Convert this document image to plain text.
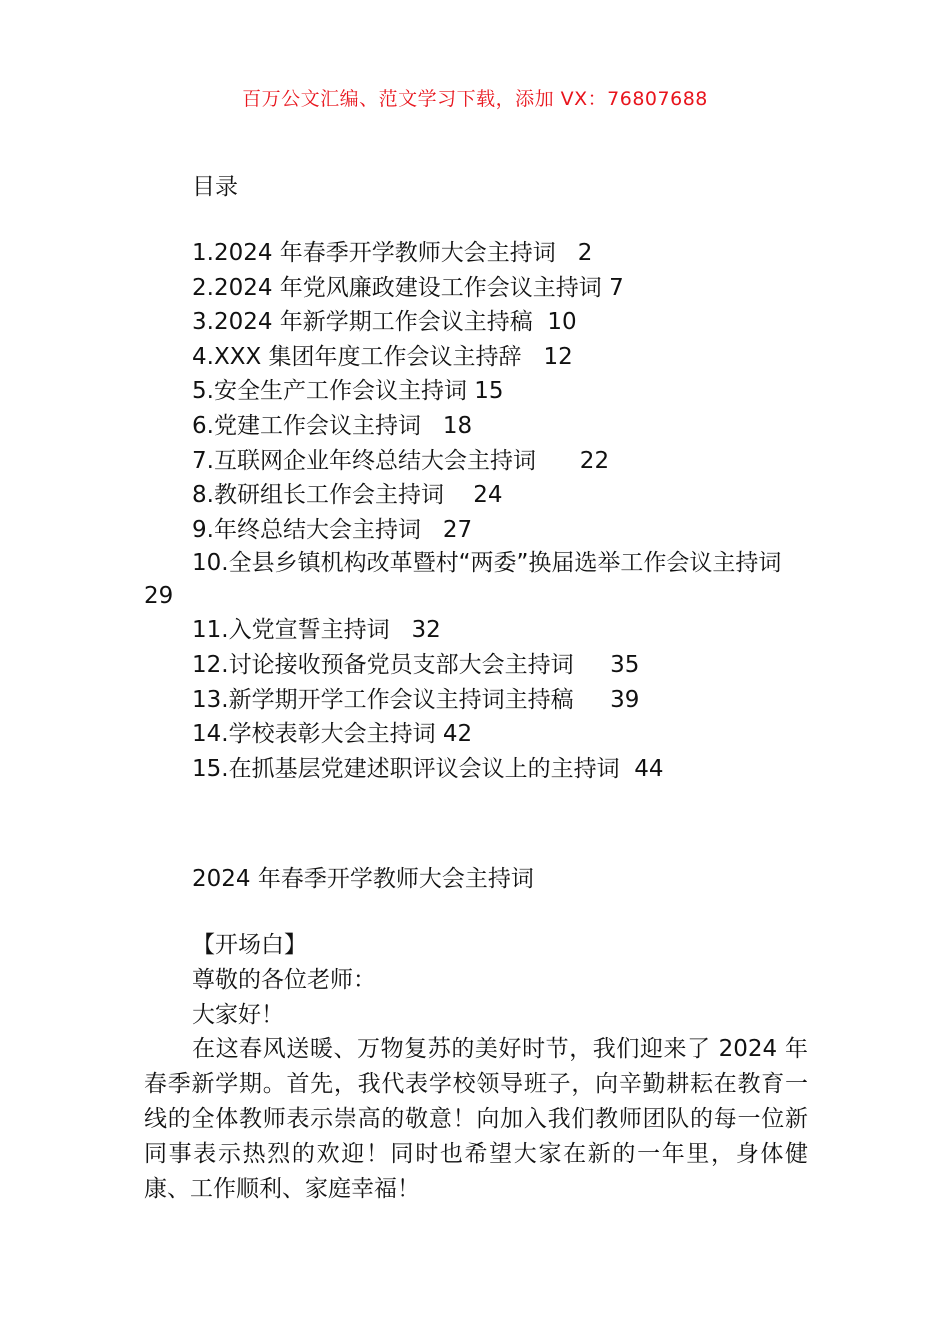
百万公文汇编、范文学习下载，添加 VX：76807688
目录
1.2024 年春季开学教师大会主持词   2
2.2024 年党风廉政建设工作会议主持词 7
3.2024 年新学期工作会议主持稿  10
4.XXX 集团年度工作会议主持辞   12
5.安全生产工作会议主持词 15
6.党建工作会议主持词   18
7.互联网企业年终总结大会主持词      22
8.教研组长工作会主持词    24
9.年终总结大会主持词   27
10.全县乡镇机构改革暨村“两委”换届选举工作会议主持词 29
11.入党宣誓主持词   32
12.讨论接收预备党员支部大会主持词     35
13.新学期开学工作会议主持词主持稿     39
14.学校表彰大会主持词 42
15.在抓基层党建述职评议会议上的主持词  44
2024 年春季开学教师大会主持词
【开场白】
尊敬的各位老师：
大家好！
在这春风送暖、万物复苏的美好时节，我们迎来了 2024 年春季新学期。首先，我代表学校领导班子，向辛勤耕耘在教育一线的全体教师表示崇高的敬意！向加入我们教师团队的每一位新同事表示热烈的欢迎！同时也希望大家在新的一年里，身体健康、工作顺利、家庭幸福！
